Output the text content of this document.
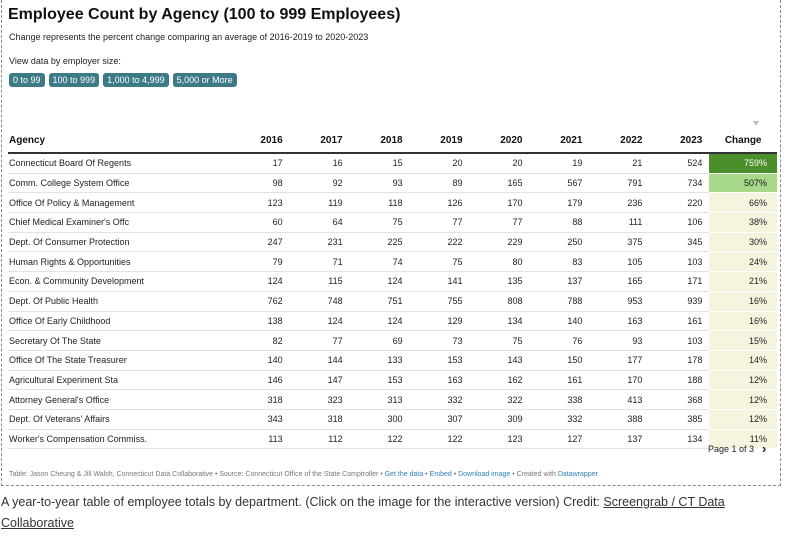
Employee Count by Agency (100 to 999 Employees)
Change represents the percent change comparing an average of 2016-2019 to 2020-2023
View data by employer size:
0 to 99	100 to 999	1,000 to 4,999	5,000 or More
Agency	2016	2017	2018	2019	2020	2021	2022	2023	Change
Connecticut Board Of Regents	17	16	15	20	20	19	21	524	759%
Comm. College System Office	98	92	93	89	165	567	791	734	507%
Office Of Policy & Management	123	119	118	126	170	179	236	220	66%
Chief Medical Examiner's Offc	60	64	75	77	77	88	111	106	38%
Dept. Of Consumer Protection	247	231	225	222	229	250	375	345	30%
Human Rights & Opportunities	79	71	74	75	80	83	105	103	24%
Econ. & Community Development	124	115	124	141	135	137	165	171	21%
Dept. Of Public Health	762	748	751	755	808	788	953	939	16%
Office Of Early Childhood	138	124	124	129	134	140	163	161	16%
Secretary Of The State	82	77	69	73	75	76	93	103	15%
Office Of The State Treasurer	140	144	133	153	143	150	177	178	14%
Agricultural Experiment Sta	146	147	153	163	162	161	170	188	12%
Attorney General's Office	318	323	313	332	322	338	413	368	12%
Dept. Of Veterans' Affairs	343	318	300	307	309	332	388	385	12%
Worker's Compensation Commiss.	113	112	122	122	123	127	137	134	11%
Page 1 of 3 ›
Table: Jason Cheung & Jill Walsh, Connecticut Data Collaborative • Source: Connecticut Office of the State Comptroller • Get the data • Embed • Download image • Created with Datawrapper
A year-to-year table of employee totals by department. (Click on the image for the interactive version) Credit: Screengrab / CT Data Collaborative
